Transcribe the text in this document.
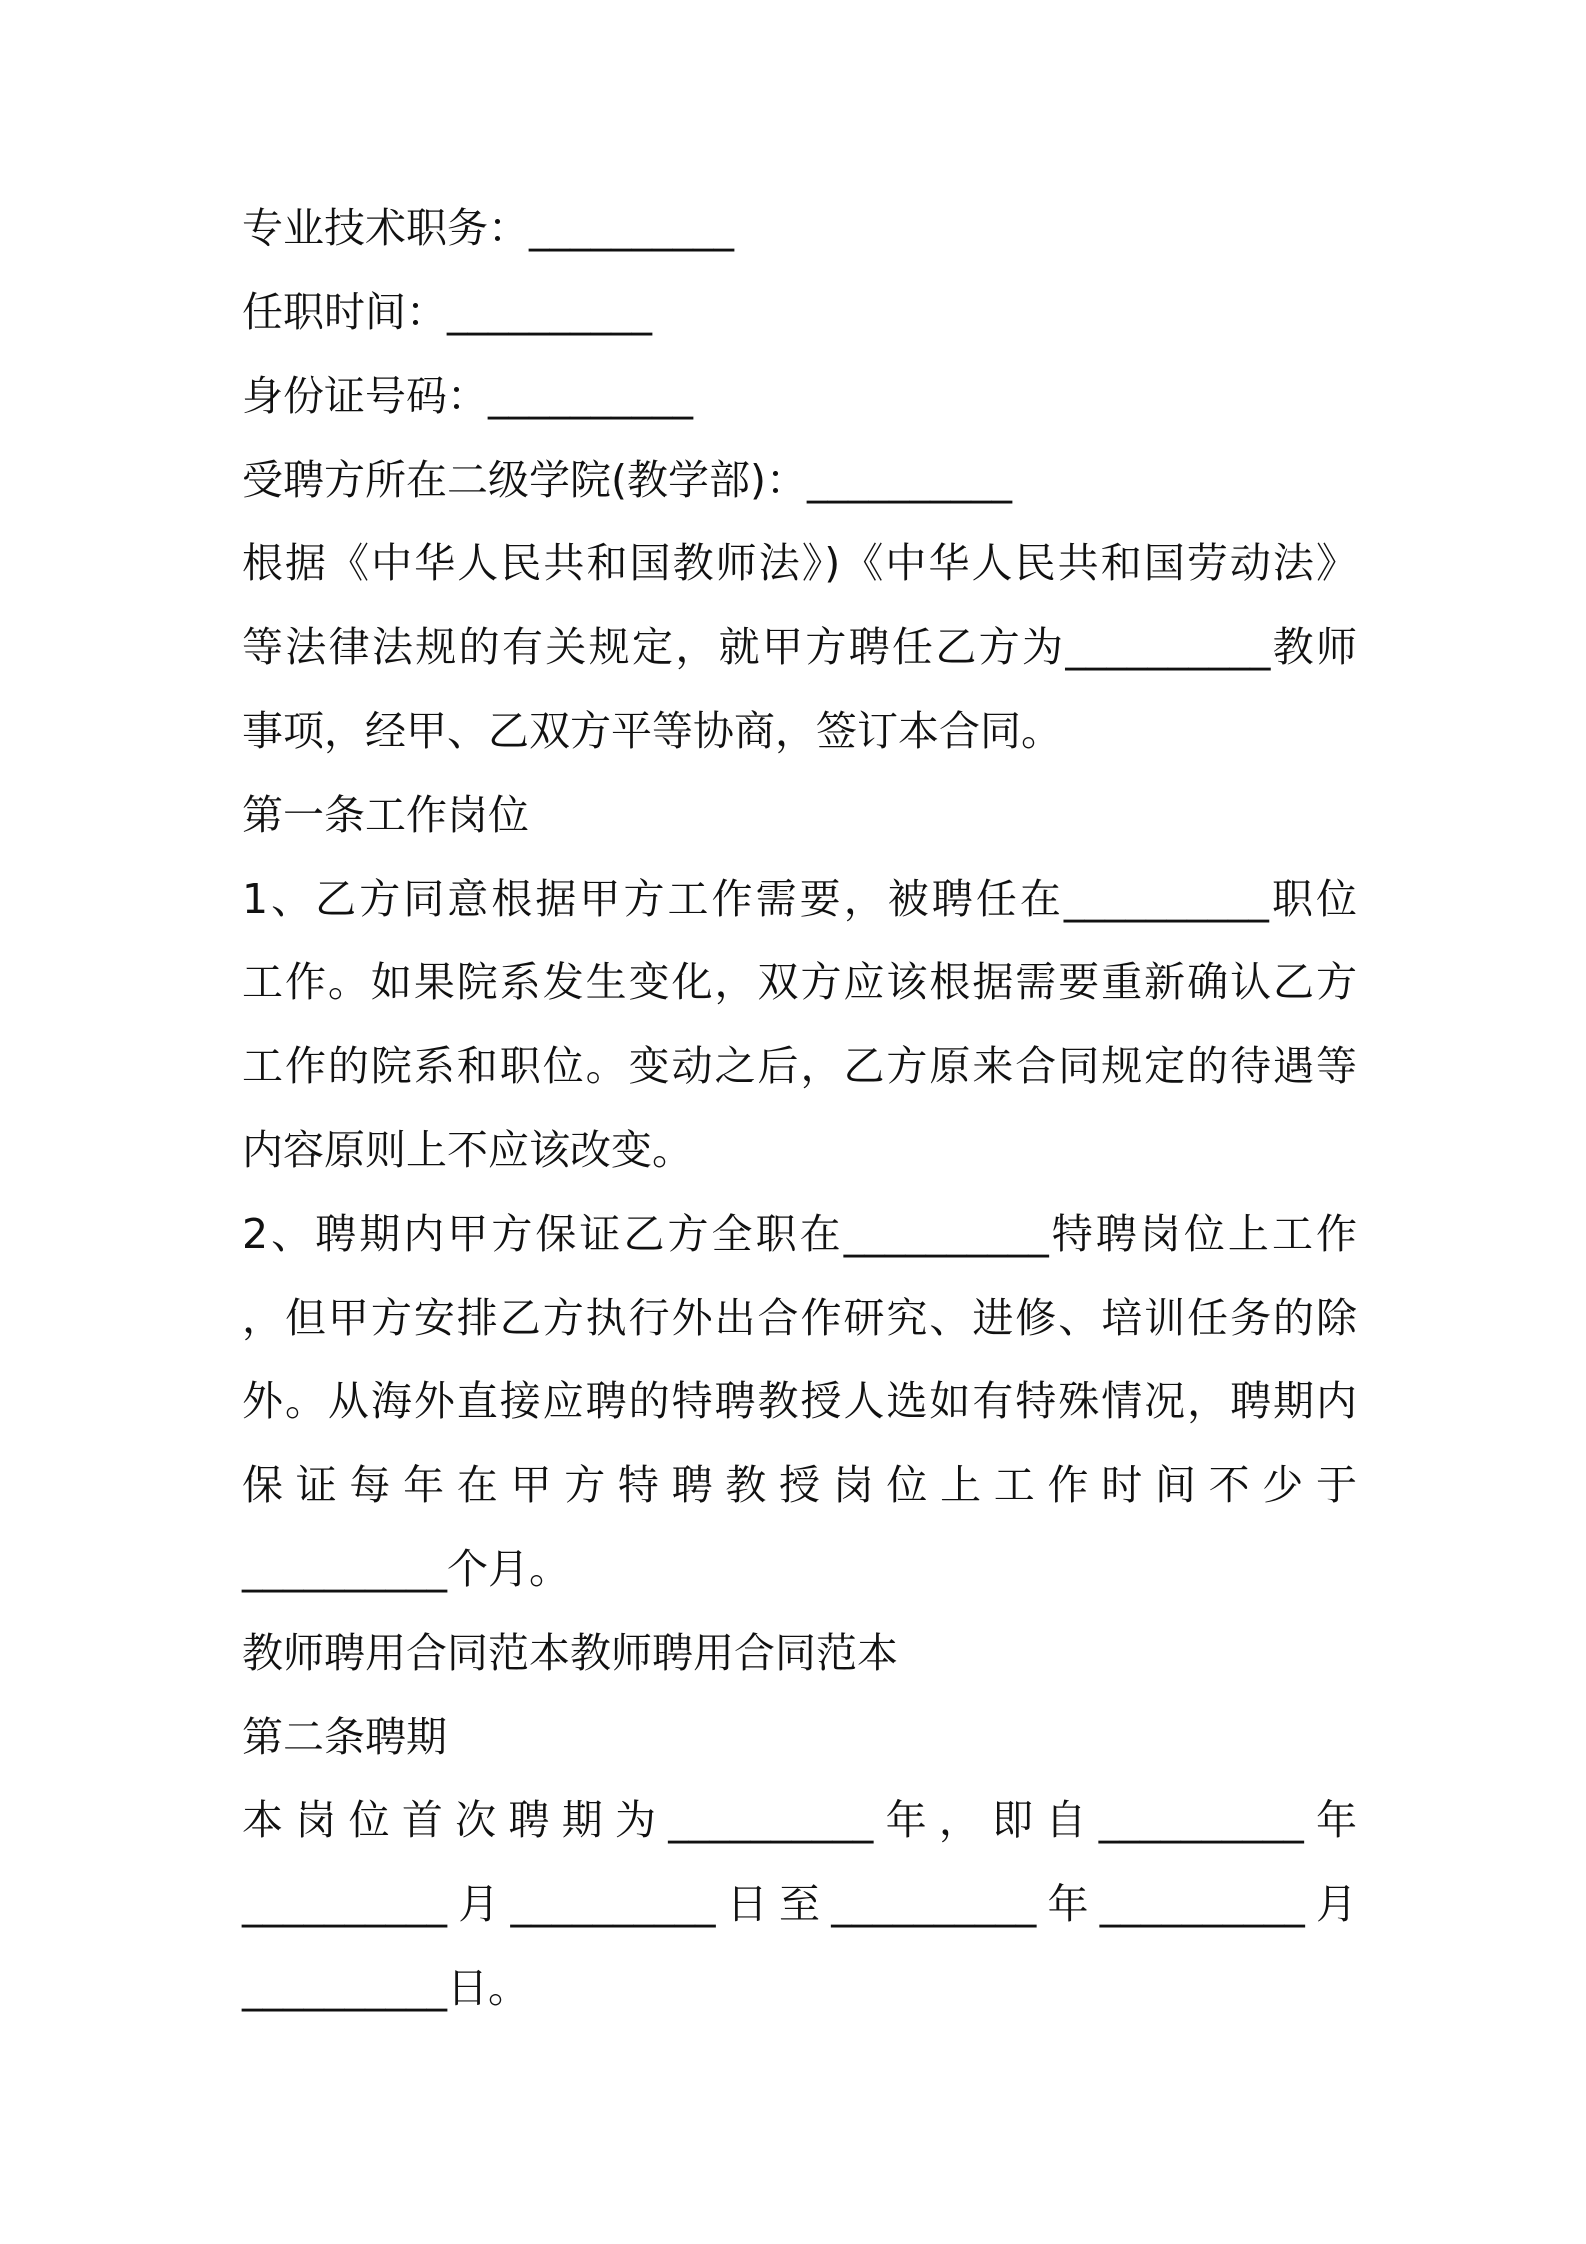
专业技术职务：__________
任职时间：__________
身份证号码：__________
受聘方所在二级学院(教学部)：__________
根据《中华人民共和国教师法》)《中华人民共和国劳动法》
等法律法规的有关规定，就甲方聘任乙方为__________教师
事项，经甲、乙双方平等协商，签订本合同。
第一条工作岗位
1、乙方同意根据甲方工作需要，被聘任在__________职位
工作。如果院系发生变化，双方应该根据需要重新确认乙方
工作的院系和职位。变动之后，乙方原来合同规定的待遇等
内容原则上不应该改变。
2、聘期内甲方保证乙方全职在__________特聘岗位上工作
，但甲方安排乙方执行外出合作研究、进修、培训任务的除
外。从海外直接应聘的特聘教授人选如有特殊情况，聘期内
保证每年在甲方特聘教授岗位上工作时间不少于
__________个月。
教师聘用合同范本教师聘用合同范本
第二条聘期
本岗位首次聘期为__________年，即自__________年
__________月__________日至__________年__________月
__________日。
